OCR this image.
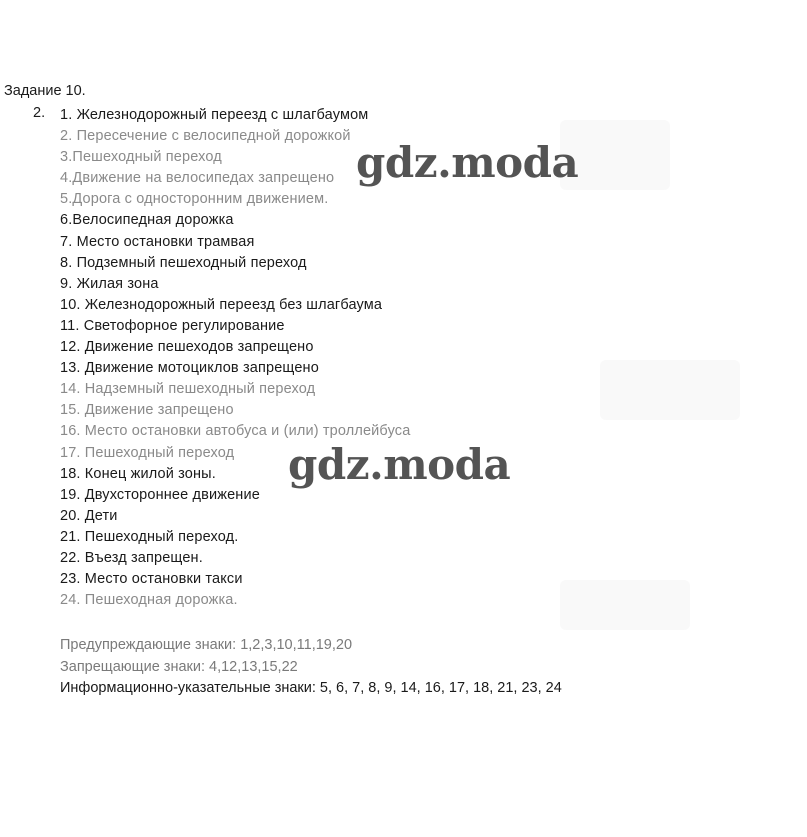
Задание 10.
2. 1. Железнодорожный переезд с шлагбаумом
2. Пересечение с велосипедной дорожкой
3.Пешеходный переход
4.Движение на велосипедах запрещено
5.Дорога с односторонним движением.
6.Велосипедная дорожка
7. Место остановки трамвая
8. Подземный пешеходный переход
9. Жилая зона
10. Железнодорожный переезд без шлагбаума
11. Светофорное регулирование
12. Движение пешеходов запрещено
13. Движение мотоциклов запрещено
14. Надземный пешеходный переход
15. Движение запрещено
16. Место остановки автобуса и (или) троллейбуса
17. Пешеходный переход
18. Конец жилой зоны.
19. Двухстороннее движение
20. Дети
21. Пешеходный переход.
22. Въезд запрещен.
23. Место остановки такси
24. Пешеходная дорожка.
Предупреждающие знаки: 1,2,3,10,11,19,20
Запрещающие знаки: 4,12,13,15,22
Информационно-указательные знаки: 5, 6, 7, 8, 9, 14, 16, 17, 18, 21, 23, 24
gdz.moda
gdz.moda
